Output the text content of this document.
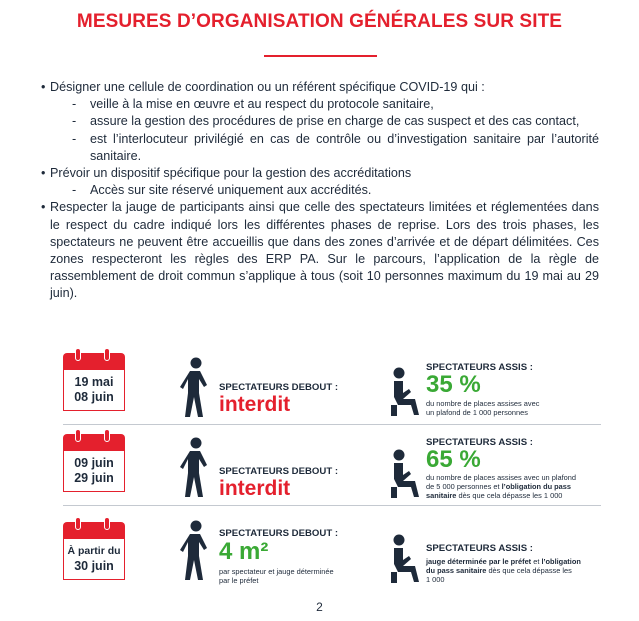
MESURES D’ORGANISATION GÉNÉRALES SUR SITE
• Désigner une cellule de coordination ou un référent spécifique COVID-19 qui :
- veille à la mise en œuvre et au respect du protocole sanitaire,
- assure la gestion des procédures de prise en charge de cas suspect et des cas contact,
- est l’interlocuteur privilégié en cas de contrôle ou d’investigation sanitaire par l’autorité sanitaire.
• Prévoir un dispositif spécifique pour la gestion des accréditations
- Accès sur site réservé uniquement aux accrédités.
• Respecter la jauge de participants ainsi que celle des spectateurs limitées et réglementées dans le respect du cadre indiqué lors les différentes phases de reprise. Lors des trois phases, les spectateurs ne peuvent être accueillis que dans des zones d’arrivée et de départ délimitées. Ces zones respecteront les règles des ERP PA. Sur le parcours, l’application de la règle de rassemblement de droit commun s’applique à tous (soit 10 personnes maximum du 19 mai au 29 juin).
19 mai
08 juin
SPECTATEURS DEBOUT :
interdit
SPECTATEURS ASSIS :
35 %
du nombre de places assises avec
un plafond de 1 000 personnes
09 juin
29 juin	SPECTATEURS DEBOUT :
interdit
SPECTATEURS ASSIS :
65 %
du nombre de places assises avec un plafond
de 5 000 personnes et l’obligation du pass
sanitaire dès que cela dépasse les 1 000
À partir du
30 juin
SPECTATEURS DEBOUT :
4 m²
par spectateur et jauge déterminée
par le préfet
SPECTATEURS ASSIS :
jauge déterminée par le préfet et l’obligation
du pass sanitaire dès que cela dépasse les
1 000
2
